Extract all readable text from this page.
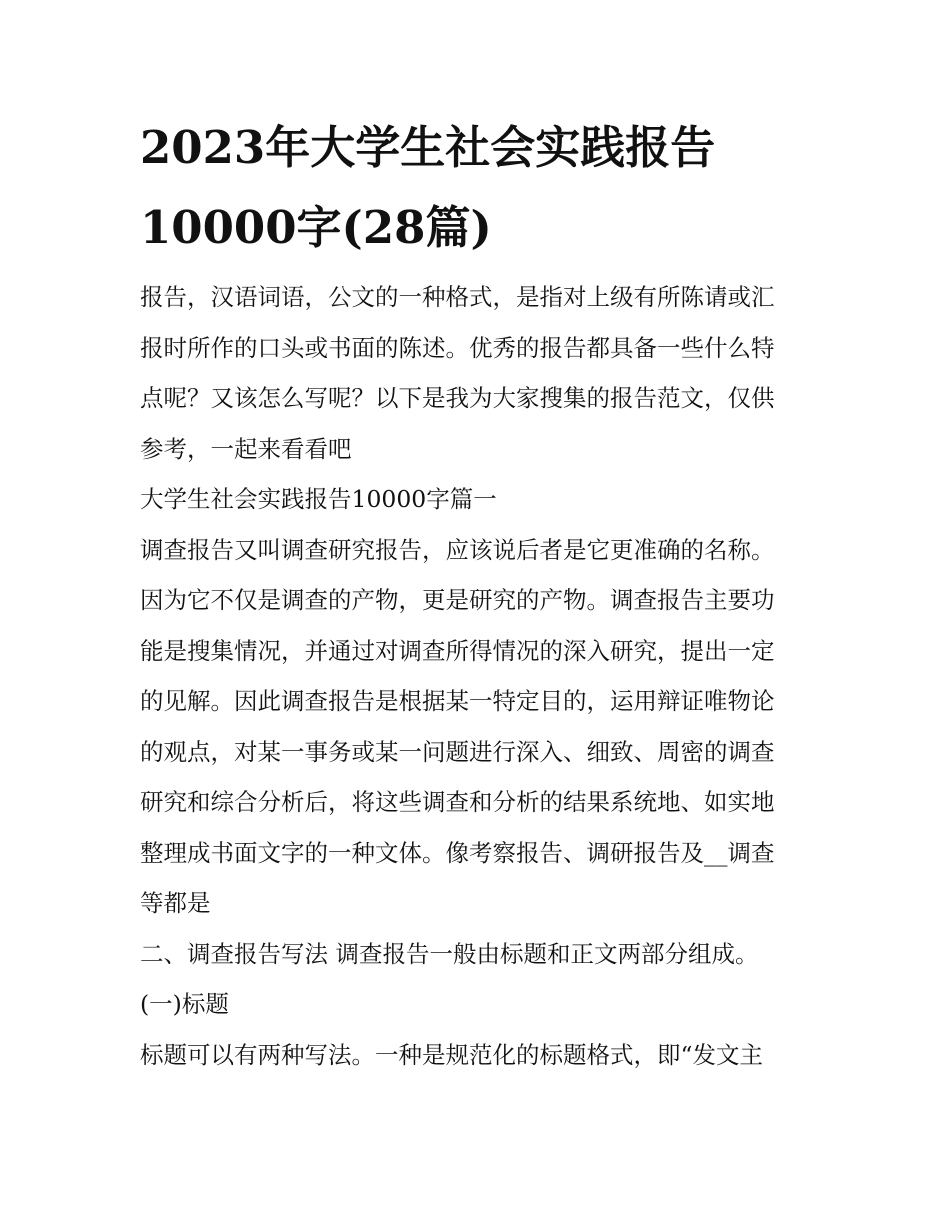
2023年大学生社会实践报告
10000字(28篇)

报告，汉语词语，公文的一种格式，是指对上级有所陈请或汇
报时所作的口头或书面的陈述。优秀的报告都具备一些什么特
点呢？又该怎么写呢？以下是我为大家搜集的报告范文，仅供
参考，一起来看看吧

大学生社会实践报告10000字篇一

调查报告又叫调查研究报告，应该说后者是它更准确的名称。
因为它不仅是调查的产物，更是研究的产物。调查报告主要功
能是搜集情况，并通过对调查所得情况的深入研究，提出一定
的见解。因此调查报告是根据某一特定目的，运用辩证唯物论
的观点，对某一事务或某一问题进行深入、细致、周密的调查
研究和综合分析后，将这些调查和分析的结果系统地、如实地
整理成书面文字的一种文体。像考察报告、调研报告及__调查
等都是

二、调查报告写法 调查报告一般由标题和正文两部分组成。

(一)标题

标题可以有两种写法。一种是规范化的标题格式，即“发文主
